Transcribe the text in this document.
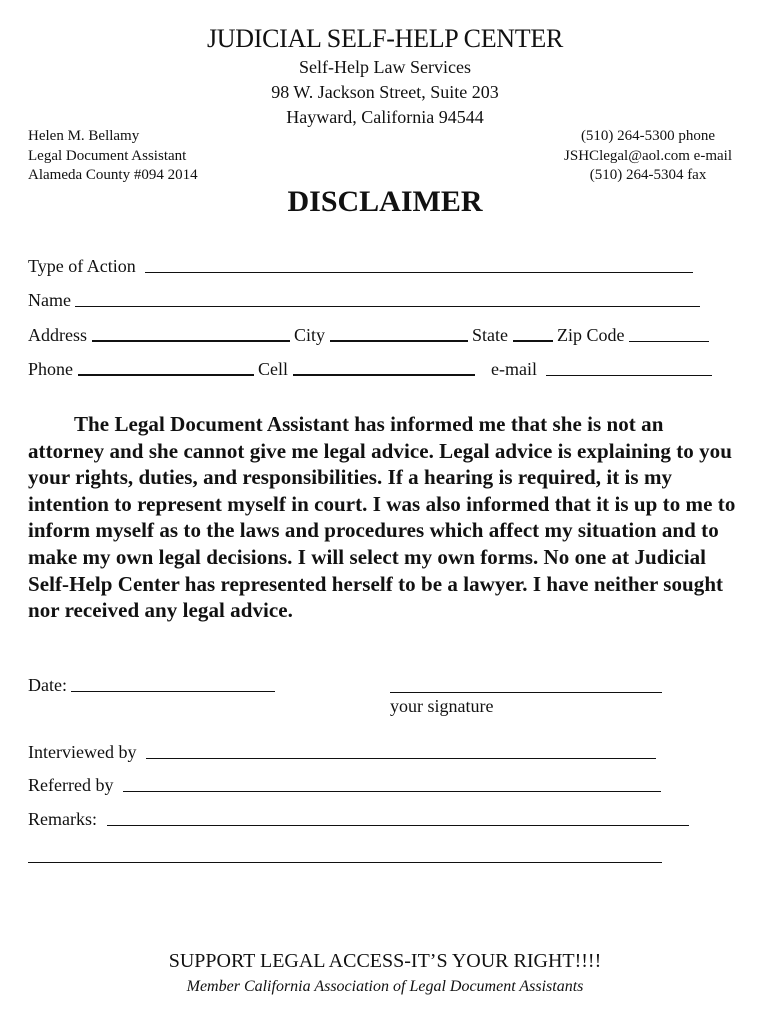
JUDICIAL SELF-HELP CENTER
Self-Help Law Services
98 W. Jackson Street, Suite 203
Hayward, California 94544
Helen M. Bellamy
Legal Document Assistant
Alameda County #094 2014
(510) 264-5300 phone
JSHClegal@aol.com e-mail
(510) 264-5304 fax
DISCLAIMER
Type of Action
Name
Address	City	State	Zip Code
Phone	Cell	e-mail
The Legal Document Assistant has informed me that she is not an attorney and she cannot give me legal advice. Legal advice is explaining to you your rights, duties, and responsibilities. If a hearing is required, it is my intention to represent myself in court. I was also informed that it is up to me to inform myself as to the laws and procedures which affect my situation and to make my own legal decisions. I will select my own forms. No one at Judicial Self-Help Center has represented herself to be a lawyer. I have neither sought nor received any legal advice.
Date:
your signature
Interviewed by
Referred by
Remarks:
SUPPORT LEGAL ACCESS-IT’S YOUR RIGHT!!!!
Member California Association of Legal Document Assistants
